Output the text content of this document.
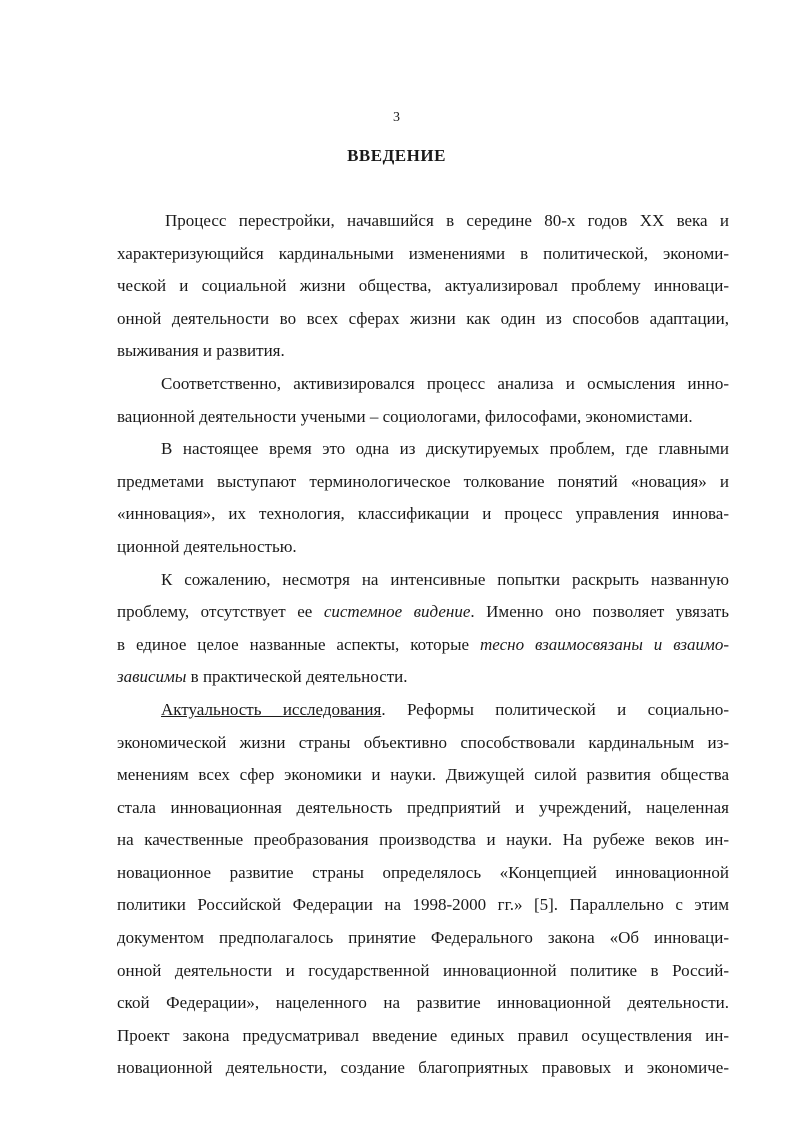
3
ВВЕДЕНИЕ
Процесс перестройки, начавшийся в середине 80-х годов XX века и
характеризующийся кардинальными изменениями в политической, экономи-
ческой и социальной жизни общества, актуализировал проблему инноваци-
онной деятельности во всех сферах жизни как один из способов адаптации,
выживания и развития.
Соответственно, активизировался процесс анализа и осмысления инно-
вационной деятельности учеными – социологами, философами, экономистами.
В настоящее время это одна из дискутируемых проблем, где главными
предметами выступают терминологическое толкование понятий «новация» и
«инновация», их технология, классификации и процесс управления иннова-
ционной деятельностью.
К сожалению, несмотря на интенсивные попытки раскрыть названную
проблему, отсутствует ее системное видение. Именно оно позволяет увязать
в единое целое названные аспекты, которые тесно взаимосвязаны и взаимо-
зависимы в практической деятельности.
Актуальность исследования. Реформы политической и социально-
экономической жизни страны объективно способствовали кардинальным из-
менениям всех сфер экономики и науки. Движущей силой развития общества
стала инновационная деятельность предприятий и учреждений, нацеленная
на качественные преобразования производства и науки. На рубеже веков ин-
новационное развитие страны определялось «Концепцией инновационной
политики Российской Федерации на 1998-2000 гг.» [5]. Параллельно с этим
документом предполагалось принятие Федерального закона «Об инноваци-
онной деятельности и государственной инновационной политике в Россий-
ской Федерации», нацеленного на развитие инновационной деятельности.
Проект закона предусматривал введение единых правил осуществления ин-
новационной деятельности, создание благоприятных правовых и экономиче-
